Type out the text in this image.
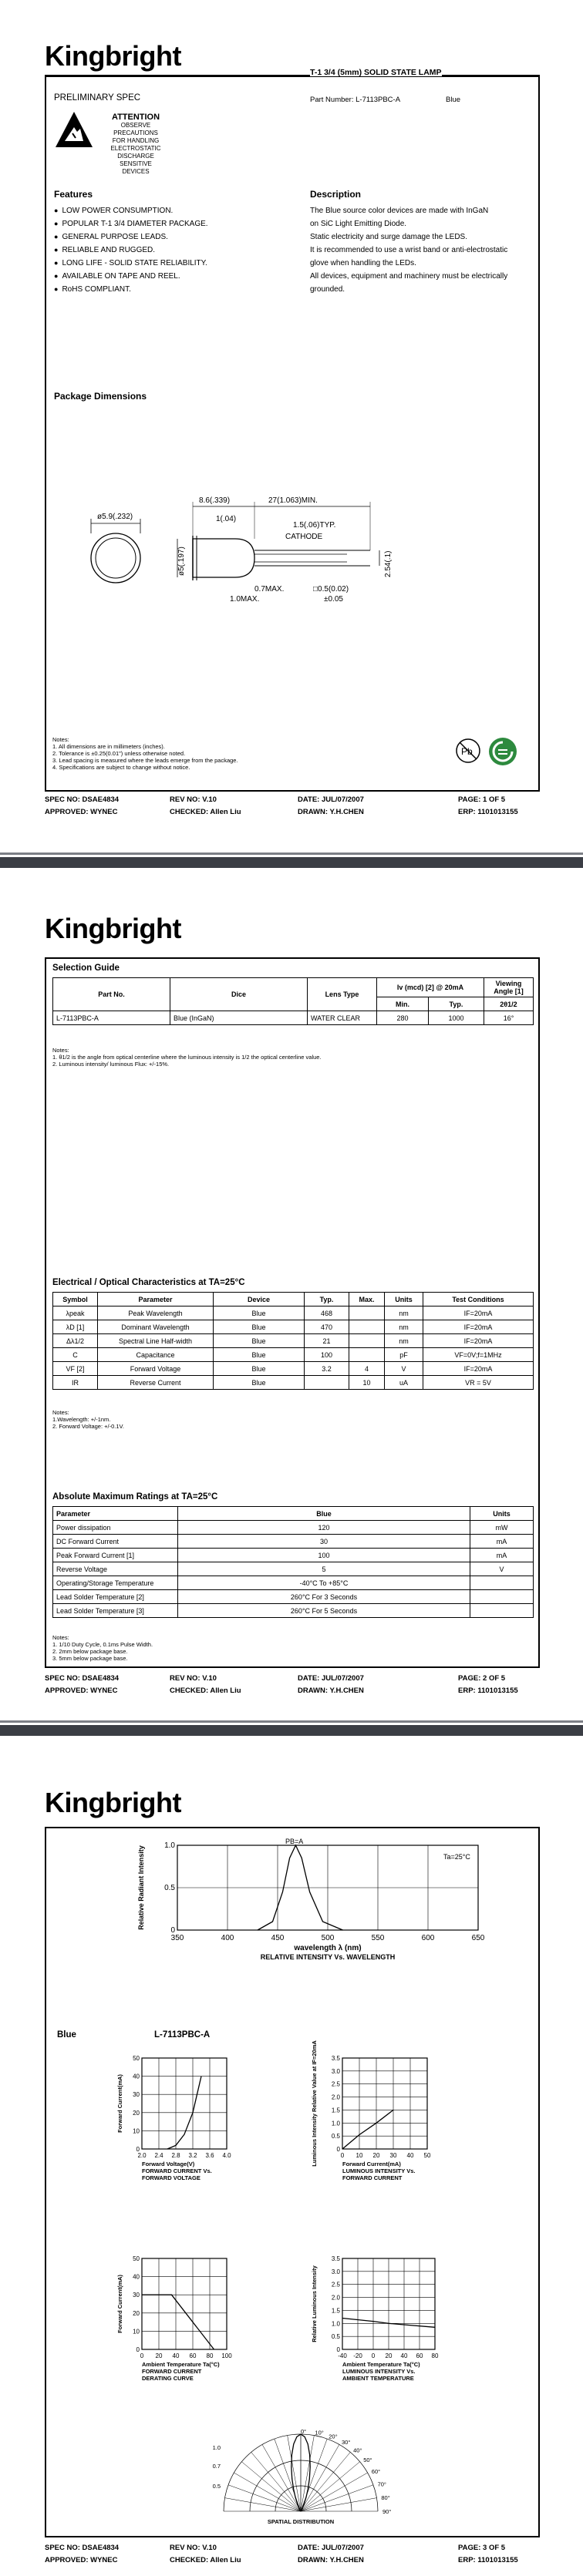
Kingbright
T-1 3/4 (5mm) SOLID STATE LAMP
PRELIMINARY SPEC	Part Number: L-7113PBC-A	Blue
ATTENTION
OBSERVE PRECAUTIONS
FOR HANDLING
ELECTROSTATIC
DISCHARGE
SENSITIVE
DEVICES
Features
● LOW POWER CONSUMPTION.
● POPULAR T-1 3/4 DIAMETER PACKAGE.
● GENERAL PURPOSE LEADS.
● RELIABLE AND RUGGED.
● LONG LIFE - SOLID STATE RELIABILITY.
● AVAILABLE ON TAPE AND REEL.
● RoHS COMPLIANT.
Description

The Blue source color devices are made with InGaN

on SiC Light Emitting Diode.

Static electricity and surge damage the LEDS.

It is recommended to use a wrist band or anti-electrostatic

glove when handling the LEDs.

All devices, equipment and machinery must be electrically

grounded.

Package Dimensions
ø5.9(.232)
8.6(.339)	27(1.063)MIN.
1(.04)
1.5(.06)TYP.
CATHODE
ø5(.197)	2.54(.1)
0.7MAX.	□0.5(0.02)
±0.05
1.0MAX.
Notes:
1. All dimensions are in millimeters (inches).
2. Tolerance is ±0.25(0.01") unless otherwise noted.
3. Lead spacing is measured where the leads emerge from the package.
4. Specifications are subject to change without notice.
Pb
SPEC NO: DSAE4834	REV NO: V.10	DATE: JUL/07/2007	PAGE: 1 OF 5
APPROVED: WYNEC	CHECKED: Allen Liu	DRAWN: Y.H.CHEN	ERP: 1101013155
Kingbright
Selection Guide
Part No.	Dice	Lens Type	Iv (mcd) [2] @ 20mA		Viewing Angle [1]
			Min.	Typ.	2θ1/2
L-7113PBC-A	Blue (InGaN)	WATER CLEAR	280	1000	16°
Notes:
1. θ1/2 is the angle from optical centerline where the luminous intensity is 1/2 the optical centerline value.
2. Luminous intensity/ luminous Flux: +/-15%.
Electrical / Optical Characteristics at TA=25°C
Symbol	Parameter	Device	Typ.	Max.	Units	Test Conditions
λpeak	Peak Wavelength	Blue	468		nm	IF=20mA
λD [1]	Dominant Wavelength	Blue	470		nm	IF=20mA
Δλ1/2	Spectral Line Half-width	Blue	21		nm	IF=20mA
C	Capacitance	Blue	100		pF	VF=0V;f=1MHz
VF [2]	Forward Voltage	Blue	3.2	4	V	IF=20mA
IR	Reverse Current	Blue		10	uA	VR = 5V
Notes:
1.Wavelength: +/-1nm.
2. Forward Voltage: +/-0.1V.
Absolute Maximum Ratings at TA=25°C
Parameter	Blue	Units
Power dissipation	120	mW
DC Forward Current	30	mA
Peak Forward Current [1]	100	mA
Reverse Voltage	5	V
Operating/Storage Temperature	-40°C To +85°C	
Lead Solder Temperature [2]	260°C For 3 Seconds	
Lead Solder Temperature [3]	260°C For 5 Seconds	
Notes:
1. 1/10 Duty Cycle, 0.1ms Pulse Width.
2. 2mm below package base.
3. 5mm below package base.
SPEC NO: DSAE4834	REV NO: V.10	DATE: JUL/07/2007	PAGE: 2 OF 5
APPROVED: WYNEC	CHECKED: Allen Liu	DRAWN: Y.H.CHEN	ERP: 1101013155
Kingbright
350	400	450	500	550	600	650
0
0.5
1.0
Relative Radiant Intensity
PB=A
Ta=25°C
wavelength λ (nm)
RELATIVE INTENSITY Vs. WAVELENGTH
Blue	L-7113PBC-A
2.0 2.4 2.8 3.2 3.6 4.0
0
10
20
30
40
50
Forward Current(mA)
Forward Voltage(V)
FORWARD CURRENT Vs.
FORWARD VOLTAGE
0 10 20 30 40 50
0
0.5
1.0
1.5
2.0
2.5
3.0
3.5
Luminous Intensity Relative Value at IF=20mA	Forward Current(mA)
LUMINOUS INTENSITY Vs.
FORWARD CURRENT
0 20 40 60 80 100
0
10
20
30
40
50
Forward Current(mA)
Ambient Temperature Ta(°C)
FORWARD CURRENT
DERATING CURVE
-40 -20 0 20 40 60 80
0
0.5
1.0
1.5
2.0
2.5
3.0
3.5
Relative Luminous Intensity
Ambient Temperature Ta(°C)
LUMINOUS INTENSITY Vs.
AMBIENT TEMPERATURE
0° 10°
20°
30°
40°
50°
60°
70°
80°
90°
0.5
0.7
1.0
SPATIAL DISTRIBUTION
SPEC NO: DSAE4834	REV NO: V.10	DATE: JUL/07/2007	PAGE: 3 OF 5
APPROVED: WYNEC	CHECKED: Allen Liu	DRAWN: Y.H.CHEN	ERP: 1101013155
